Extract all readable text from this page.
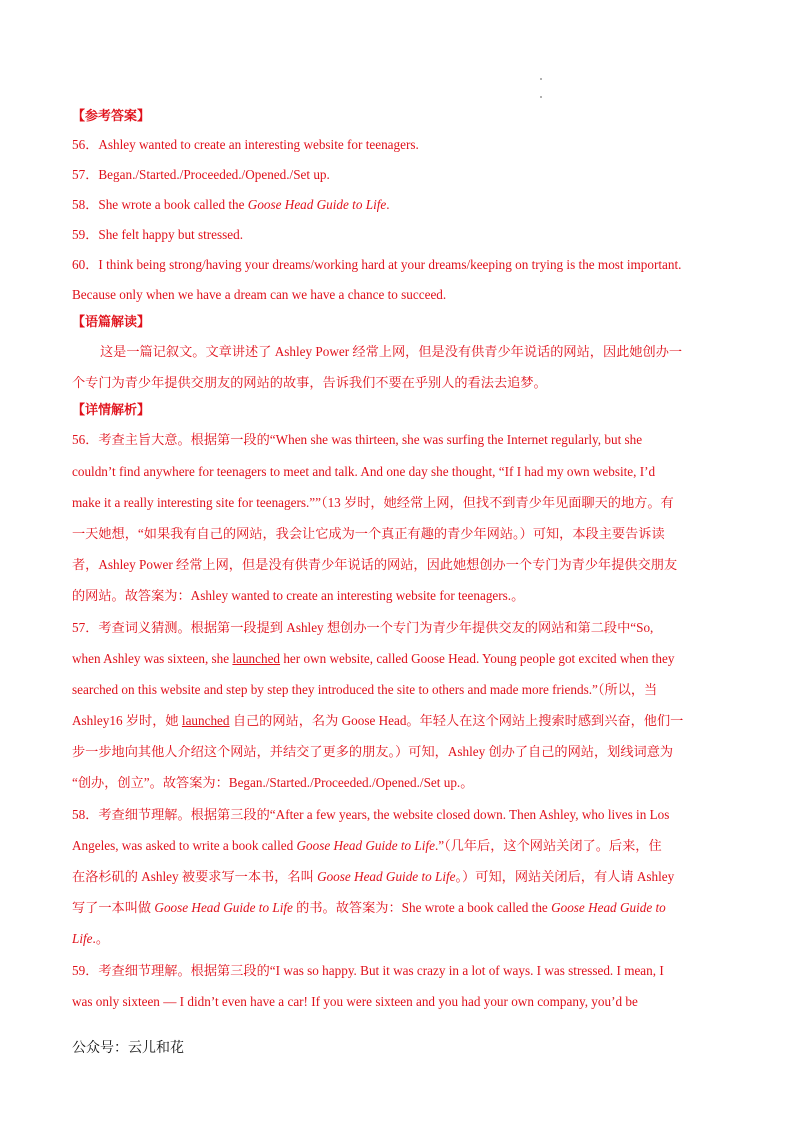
【参考答案】
56．Ashley wanted to create an interesting website for teenagers.
57．Began./Started./Proceeded./Opened./Set up.
58．She wrote a book called the Goose Head Guide to Life.
59．She felt happy but stressed.
60．I think being strong/having your dreams/working hard at your dreams/keeping on trying is the most important.
Because only when we have a dream can we have a chance to succeed.
【语篇解读】
这是一篇记叙文。文章讲述了 Ashley Power 经常上网，但是没有供青少年说话的网站，因此她创办一
个专门为青少年提供交朋友的网站的故事，告诉我们不要在乎别人的看法去追梦。
【详情解析】
56．考查主旨大意。根据第一段的“When she was thirteen, she was surfing the Internet regularly, but she
couldn’t find anywhere for teenagers to meet and talk. And one day she thought, “If I had my own website, I’d
make it a really interesting site for teenagers.””（13 岁时，她经常上网，但找不到青少年见面聊天的地方。有
一天她想，“如果我有自己的网站，我会让它成为一个真正有趣的青少年网站。）可知，本段主要告诉读
者，Ashley Power 经常上网，但是没有供青少年说话的网站，因此她想创办一个专门为青少年提供交朋友
的网站。故答案为：Ashley wanted to create an interesting website for teenagers.。
57．考查词义猜测。根据第一段提到 Ashley 想创办一个专门为青少年提供交友的网站和第二段中“So,
when Ashley was sixteen, she launched her own website, called Goose Head. Young people got excited when they
searched on this website and step by step they introduced the site to others and made more friends.”（所以，当
Ashley16 岁时，她 launched 自己的网站，名为 Goose Head。年轻人在这个网站上搜索时感到兴奋，他们一
步一步地向其他人介绍这个网站，并结交了更多的朋友。）可知，Ashley 创办了自己的网站，划线词意为
“创办，创立”。故答案为：Began./Started./Proceeded./Opened./Set up.。
58．考查细节理解。根据第三段的“After a few years, the website closed down. Then Ashley, who lives in Los
Angeles, was asked to write a book called Goose Head Guide to Life.”（几年后，这个网站关闭了。后来，住
在洛杉矶的 Ashley 被要求写一本书，名叫 Goose Head Guide to Life。）可知，网站关闭后，有人请 Ashley
写了一本叫做 Goose Head Guide to Life 的书。故答案为：She wrote a book called the Goose Head Guide to
Life.。
59．考查细节理解。根据第三段的“I was so happy. But it was crazy in a lot of ways. I was stressed. I mean, I
was only sixteen — I didn’t even have a car! If you were sixteen and you had your own company, you’d be
公众号：云儿和花
